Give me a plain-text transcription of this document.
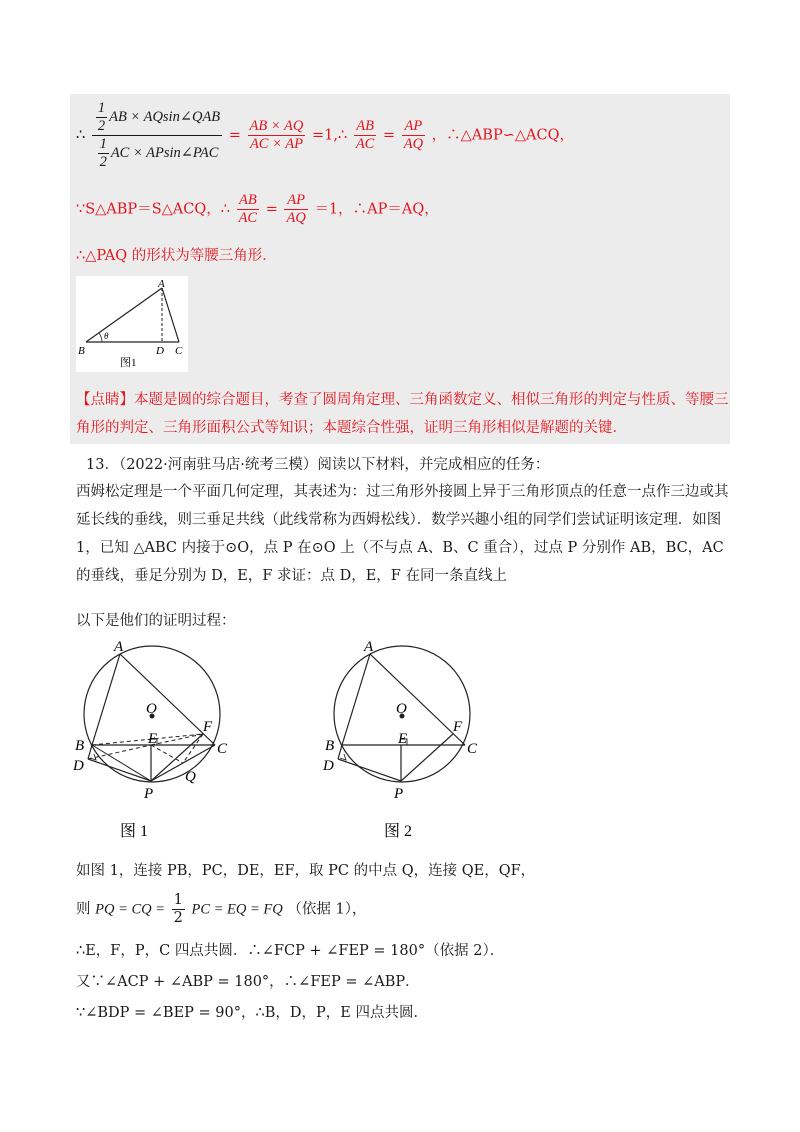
∴ $\frac{\frac{1}{2} AB \times AQsin\angle QAB}{\frac{1}{2} AC \times APsin\angle PAC} = \frac{AB \times AQ}{AC \times AP}$ =1,∴ $\frac{AB}{AC} = \frac{AP}{AQ}$ ，∴△ABP∽△ACQ，
∵S△ABP＝S△ACQ，∴ $\frac{AB}{AC} = \frac{AP}{AQ} =1$，∴AP＝AQ，
∴△PAQ 的形状为等腰三角形．
A
B	D C
θ
图1
【点睛】本题是圆的综合题目，考查了圆周角定理、三角函数定义、相似三角形的判定与性质、等腰三角形的判定、三角形面积公式等知识；本题综合性强，证明三角形相似是解题的关键．
13．（2022·河南驻马店·统考三模）阅读以下材料，并完成相应的任务：
西姆松定理是一个平面几何定理，其表述为：过三角形外接圆上异于三角形顶点的任意一点作三边或其延长线的垂线，则三垂足共线（此线常称为西姆松线）．数学兴趣小组的同学们尝试证明该定理．如图 1，已知 △ABC 内接于⊙O，点 P 在⊙O 上（不与点 A、B、C 重合），过点 P 分别作 AB，BC，AC 的垂线，垂足分别为 D，E，F 求证：点 D，E，F 在同一条直线上
以下是他们的证明过程：
A
O
B
D
E
F
C
Q
P
图 1
A
O
B
D
E
F
C
P
图 2
如图 1，连接 PB，PC，DE，EF，取 PC 的中点 Q，连接 QE，QF，
则 PQ = CQ = $\frac{1}{2}$ PC = EQ = FQ （依据 1），
∴E，F，P，C 四点共圆．∴∠FCP + ∠FEP = 180°（依据 2）．
又∵∠ACP + ∠ABP = 180°，∴∠FEP = ∠ABP．
∵∠BDP = ∠BEP = 90°，∴B，D，P，E 四点共圆．
